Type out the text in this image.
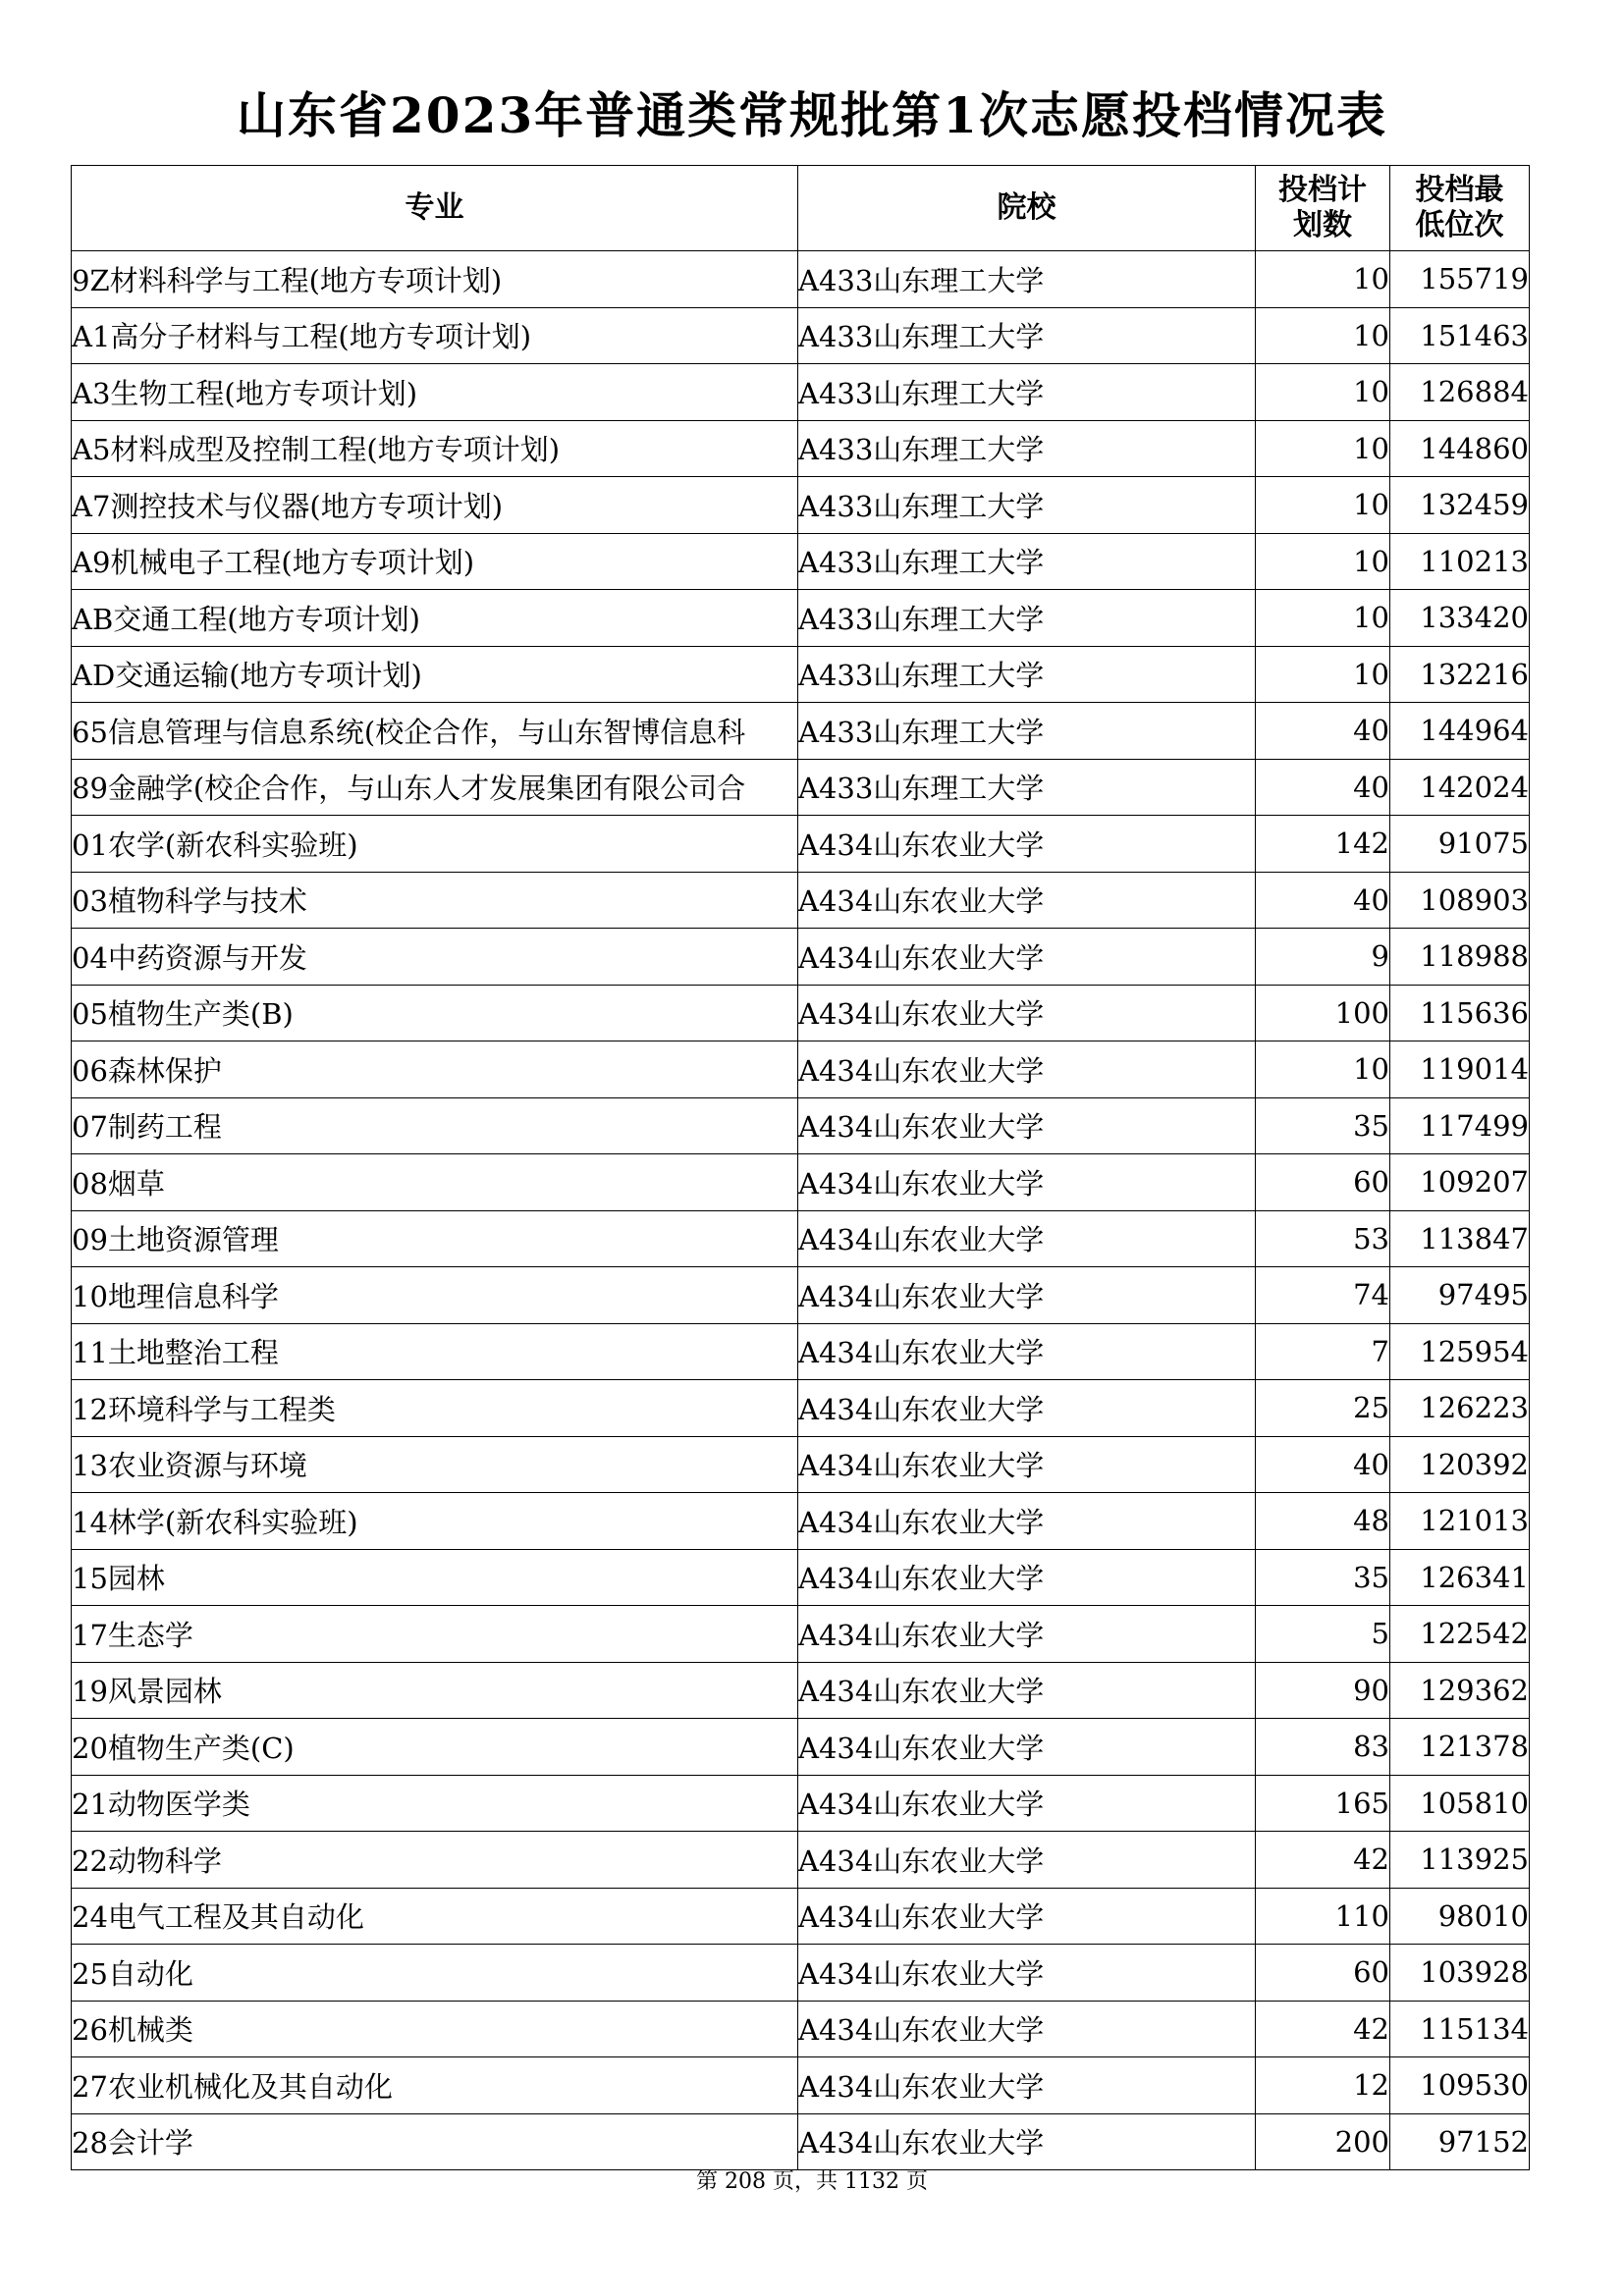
山东省2023年普通类常规批第1次志愿投档情况表
专业	院校	投档计划数	投档最低位次

9Z材料科学与工程(地方专项计划)	A433山东理工大学	10	155719
A1高分子材料与工程(地方专项计划)	A433山东理工大学	10	151463
A3生物工程(地方专项计划)	A433山东理工大学	10	126884
A5材料成型及控制工程(地方专项计划)	A433山东理工大学	10	144860
A7测控技术与仪器(地方专项计划)	A433山东理工大学	10	132459
A9机械电子工程(地方专项计划)	A433山东理工大学	10	110213
AB交通工程(地方专项计划)	A433山东理工大学	10	133420
AD交通运输(地方专项计划)	A433山东理工大学	10	132216
65信息管理与信息系统(校企合作，与山东智博信息科	A433山东理工大学	40	144964
89金融学(校企合作，与山东人才发展集团有限公司合	A433山东理工大学	40	142024
01农学(新农科实验班)	A434山东农业大学	142	91075
03植物科学与技术	A434山东农业大学	40	108903
04中药资源与开发	A434山东农业大学	9	118988
05植物生产类(B)	A434山东农业大学	100	115636
06森林保护	A434山东农业大学	10	119014
07制药工程	A434山东农业大学	35	117499
08烟草	A434山东农业大学	60	109207
09土地资源管理	A434山东农业大学	53	113847
10地理信息科学	A434山东农业大学	74	97495
11土地整治工程	A434山东农业大学	7	125954
12环境科学与工程类	A434山东农业大学	25	126223
13农业资源与环境	A434山东农业大学	40	120392
14林学(新农科实验班)	A434山东农业大学	48	121013
15园林	A434山东农业大学	35	126341
17生态学	A434山东农业大学	5	122542
19风景园林	A434山东农业大学	90	129362
20植物生产类(C)	A434山东农业大学	83	121378
21动物医学类	A434山东农业大学	165	105810
22动物科学	A434山东农业大学	42	113925
24电气工程及其自动化	A434山东农业大学	110	98010
25自动化	A434山东农业大学	60	103928
26机械类	A434山东农业大学	42	115134
27农业机械化及其自动化	A434山东农业大学	12	109530
28会计学	A434山东农业大学	200	97152
第 208 页，共 1132 页
